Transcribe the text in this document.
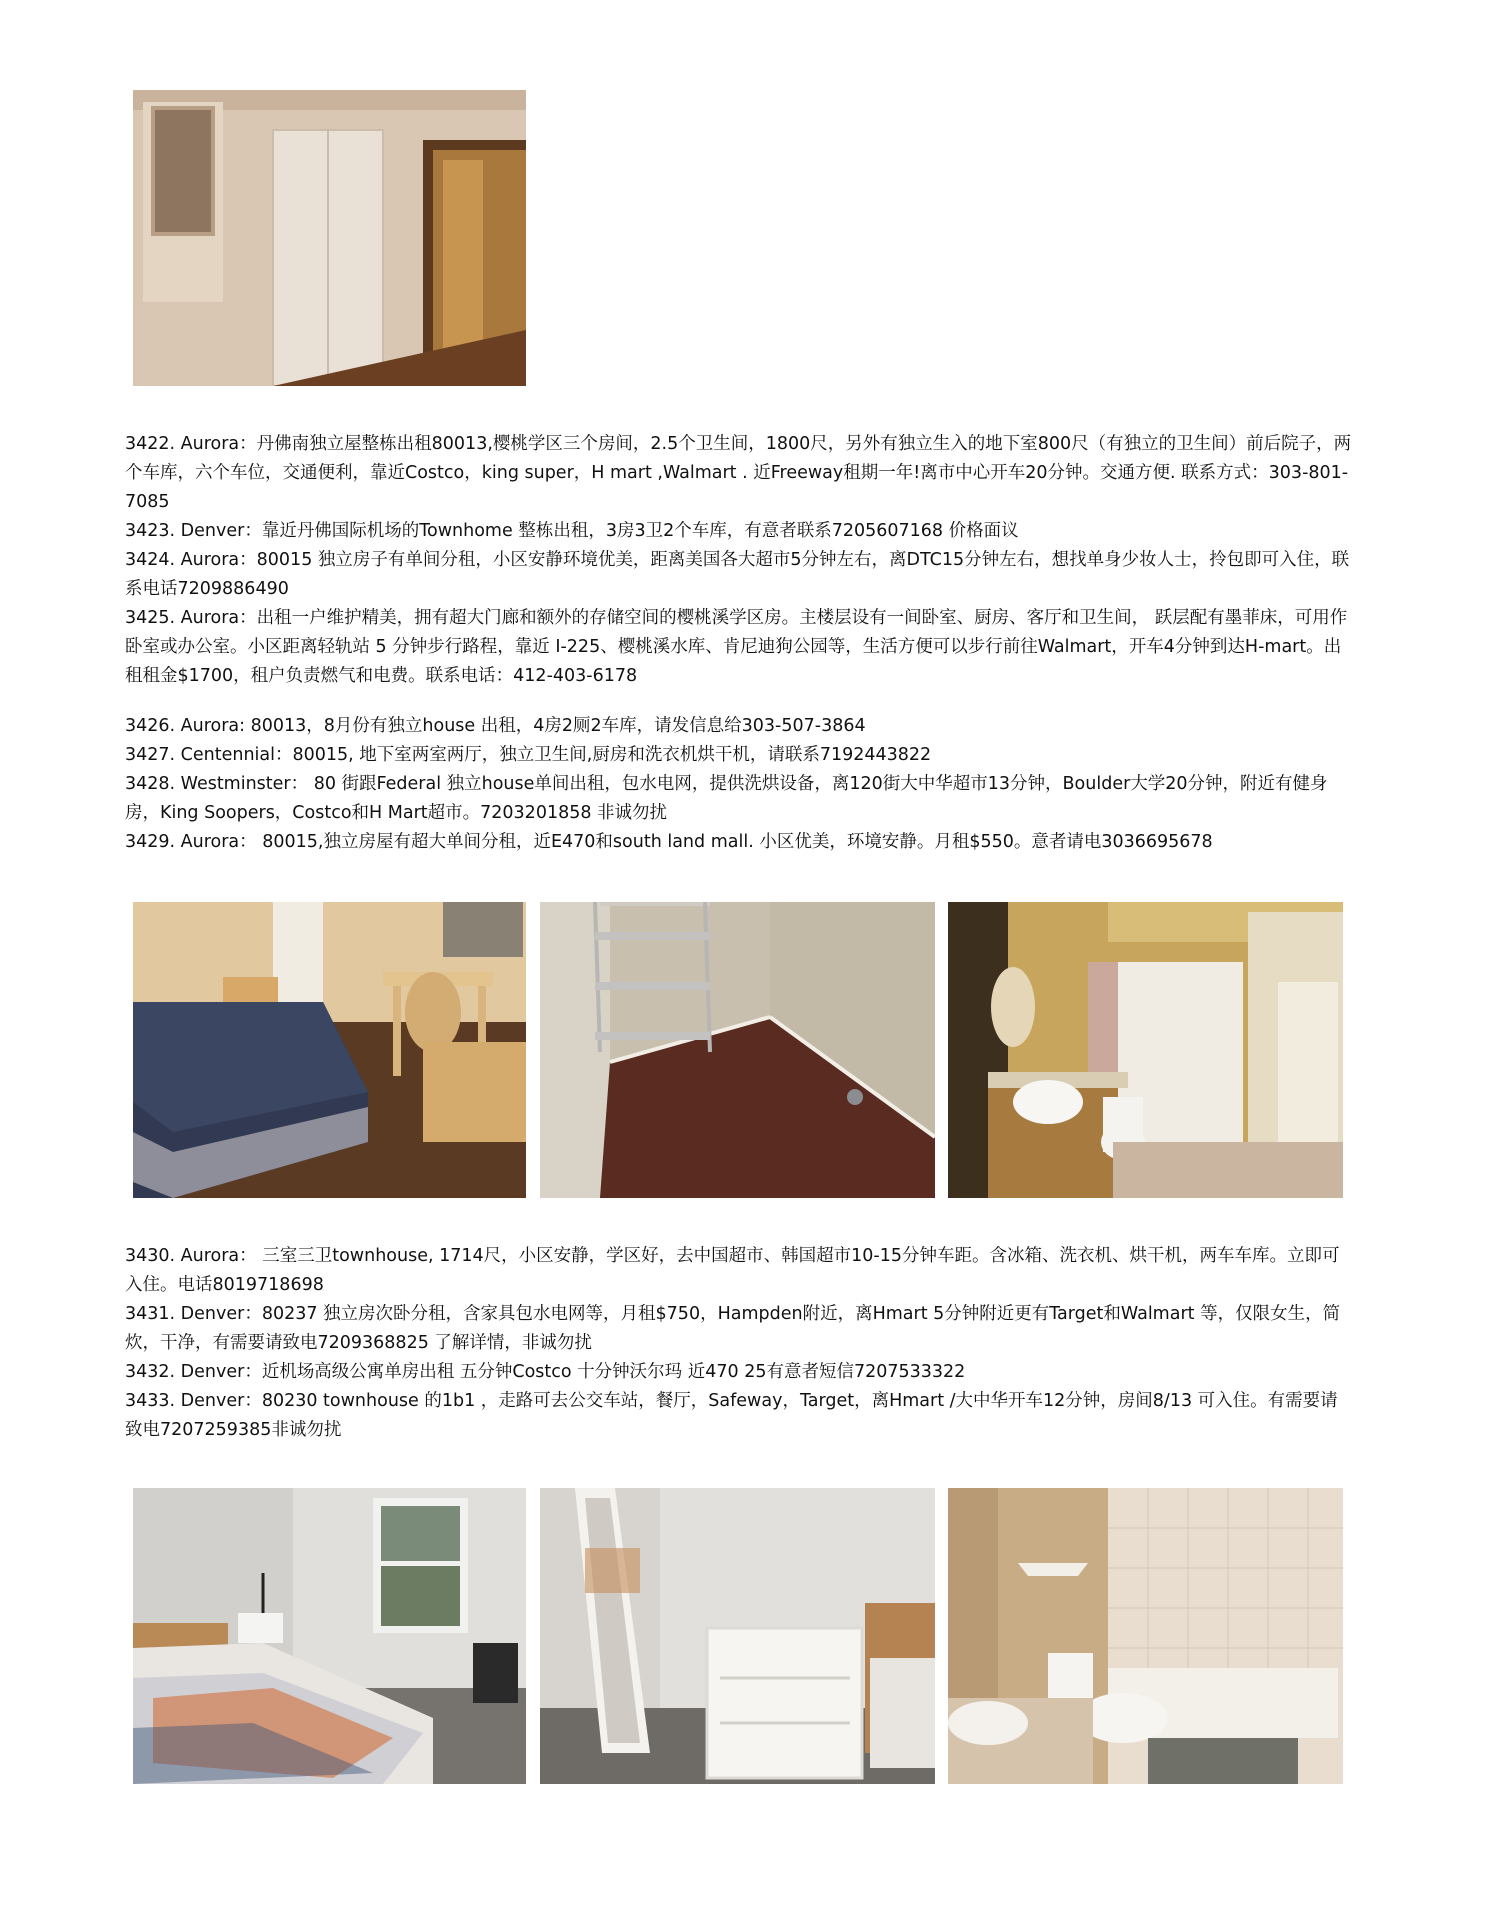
3422. Aurora：丹佛南独立屋整栋出租80013,樱桃学区三个房间，2.5个卫生间，1800尺，另外有独立生入的地下室800尺（有独立的卫生间）前后院子，两个车库，六个车位，交通便利，靠近Costco，king super，H mart ,Walmart . 近Freeway租期一年!离市中心开车20分钟。交通方便. 联系方式：303-801-7085

3423. Denver：靠近丹佛国际机场的Townhome 整栋出租，3房3卫2个车库，有意者联系7205607168 价格面议

3424. Aurora：80015 独立房子有单间分租，小区安静环境优美，距离美国各大超市5分钟左右，离DTC15分钟左右，想找单身少妆人士，拎包即可入住，联系电话7209886490

3425. Aurora：出租一户维护精美，拥有超大门廊和额外的存储空间的樱桃溪学区房。主楼层设有一间卧室、厨房、客厅和卫生间， 跃层配有墨菲床，可用作卧室或办公室。小区距离轻轨站 5 分钟步行路程，靠近 I-225、樱桃溪水库、肯尼迪狗公园等，生活方便可以步行前往Walmart，开车4分钟到达H-mart。出租租金$1700，租户负责燃气和电费。联系电话：412-403-6178

3426. Aurora: 80013，8月份有独立house 出租，4房2厕2车库，请发信息给303-507-3864

3427. Centennial：80015, 地下室两室两厅，独立卫生间,厨房和洗衣机烘干机，请联系7192443822

3428. Westminster： 80 街跟Federal 独立house单间出租，包水电网，提供洗烘设备，离120街大中华超市13分钟，Boulder大学20分钟，附近有健身房，King Soopers，Costco和H Mart超市。7203201858 非诚勿扰

3429. Aurora： 80015,独立房屋有超大单间分租，近E470和south land mall. 小区优美，环境安静。月租$550。意者请电3036695678

3430. Aurora： 三室三卫townhouse, 1714尺，小区安静，学区好，去中国超市、韩国超市10-15分钟车距。含冰箱、洗衣机、烘干机，两车车库。立即可入住。电话8019718698

3431. Denver：80237 独立房次卧分租，含家具包水电网等，月租$750，Hampden附近，离Hmart 5分钟附近更有Target和Walmart 等，仅限女生，简炊，干净，有需要请致电7209368825 了解详情，非诚勿扰

3432. Denver：近机场高级公寓单房出租 五分钟Costco 十分钟沃尔玛 近470 25有意者短信7207533322

3433. Denver：80230 townhouse 的1b1 ，走路可去公交车站，餐厅，Safeway，Target，离Hmart /大中华开车12分钟，房间8/13 可入住。有需要请致电7207259385非诚勿扰
